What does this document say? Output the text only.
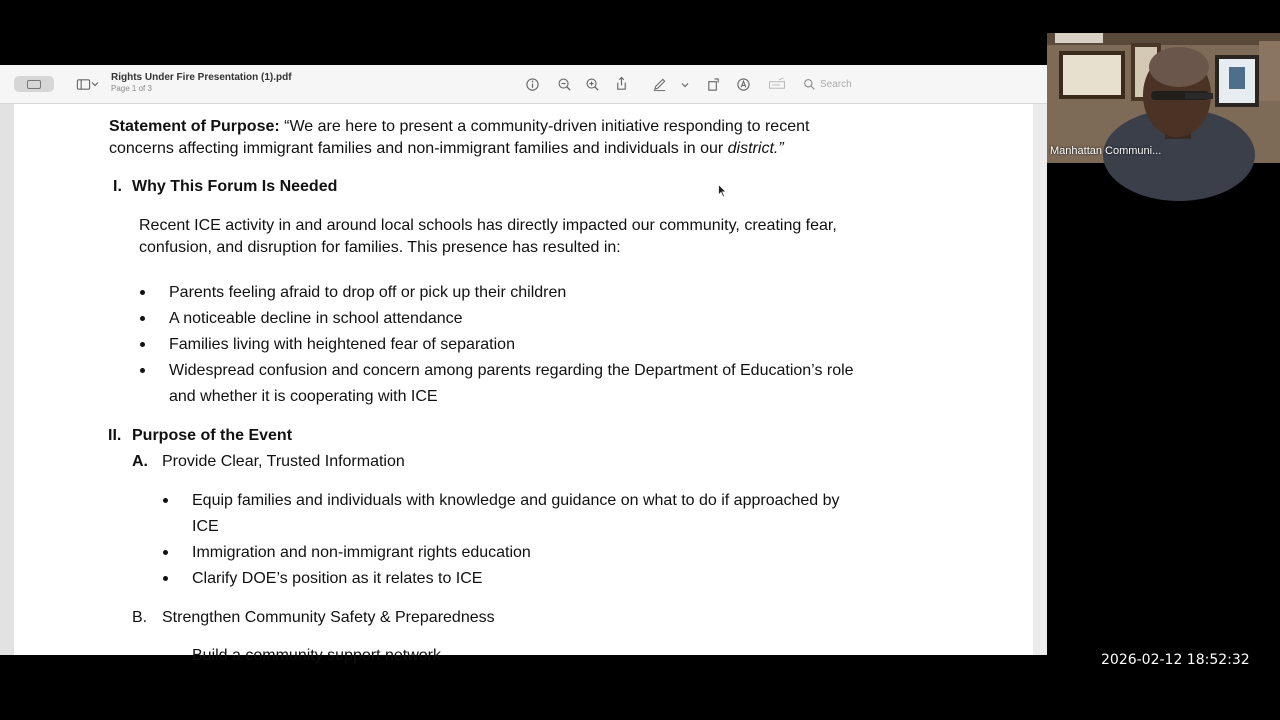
Rights Under Fire Presentation (1).pdf
Page 1 of 3	Search
Statement of Purpose: “We are here to present a community-driven initiative responding to recent
concerns affecting immigrant families and non-immigrant families and individuals in our district.”
I. Why This Forum Is Needed
Recent ICE activity in and around local schools has directly impacted our community, creating fear,
confusion, and disruption for families. This presence has resulted in:
Parents feeling afraid to drop off or pick up their children
A noticeable decline in school attendance
Families living with heightened fear of separation
Widespread confusion and concern among parents regarding the Department of Education’s role
and whether it is cooperating with ICE
II. Purpose of the Event
A. Provide Clear, Trusted Information
Equip families and individuals with knowledge and guidance on what to do if approached by
ICE
Immigration and non-immigrant rights education
Clarify DOE’s position as it relates to ICE
B. Strengthen Community Safety & Preparedness
Build a community support network
Manhattan Communi...
2026-02-12 18:52:32
